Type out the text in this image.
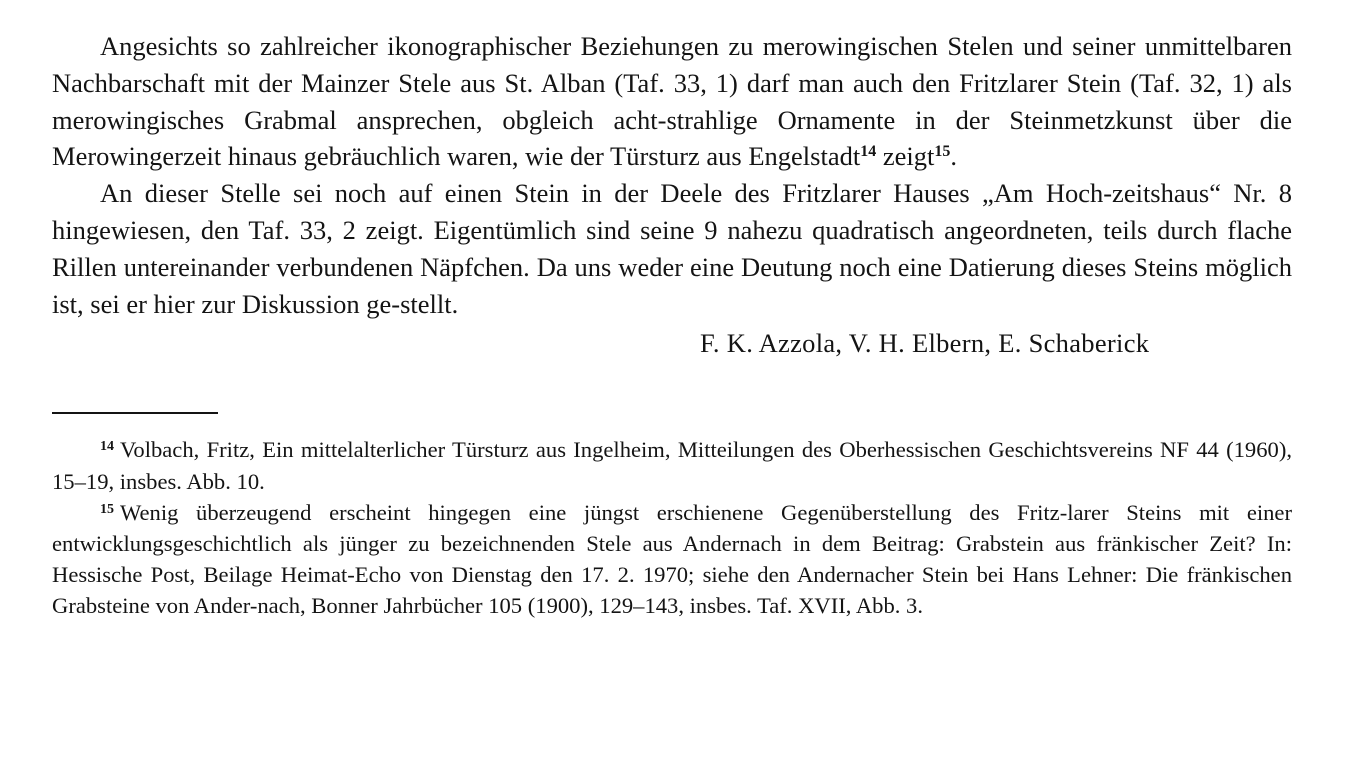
Angesichts so zahlreicher ikonographischer Beziehungen zu merowingischen Stelen und seiner unmittelbaren Nachbarschaft mit der Mainzer Stele aus St. Alban (Taf. 33, 1) darf man auch den Fritzlarer Stein (Taf. 32, 1) als merowingisches Grabmal ansprechen, obgleich acht-strahlige Ornamente in der Steinmetzkunst über die Merowingerzeit hinaus gebräuchlich waren, wie der Türsturz aus Engelstadt$^{14}$ zeigt$^{15}$.

An dieser Stelle sei noch auf einen Stein in der Deele des Fritzlarer Hauses „Am Hoch-zeitshaus“ Nr. 8 hingewiesen, den Taf. 33, 2 zeigt. Eigentümlich sind seine 9 nahezu quadratisch angeordneten, teils durch flache Rillen untereinander verbundenen Näpfchen. Da uns weder eine Deutung noch eine Datierung dieses Steins möglich ist, sei er hier zur Diskussion ge-stellt.

F. K. Azzola, V. H. Elbern, E. Schaberick

$^{14}$ Volbach, Fritz, Ein mittelalterlicher Türsturz aus Ingelheim, Mitteilungen des Oberhessischen Geschichtsvereins NF 44 (1960), 15–19, insbes. Abb. 10.

$^{15}$ Wenig überzeugend erscheint hingegen eine jüngst erschienene Gegenüberstellung des Fritz-larer Steins mit einer entwicklungsgeschichtlich als jünger zu bezeichnenden Stele aus Andernach in dem Beitrag: Grabstein aus fränkischer Zeit? In: Hessische Post, Beilage Heimat-Echo von Dienstag den 17. 2. 1970; siehe den Andernacher Stein bei Hans Lehner: Die fränkischen Grabsteine von Ander-nach, Bonner Jahrbücher 105 (1900), 129–143, insbes. Taf. XVII, Abb. 3.
